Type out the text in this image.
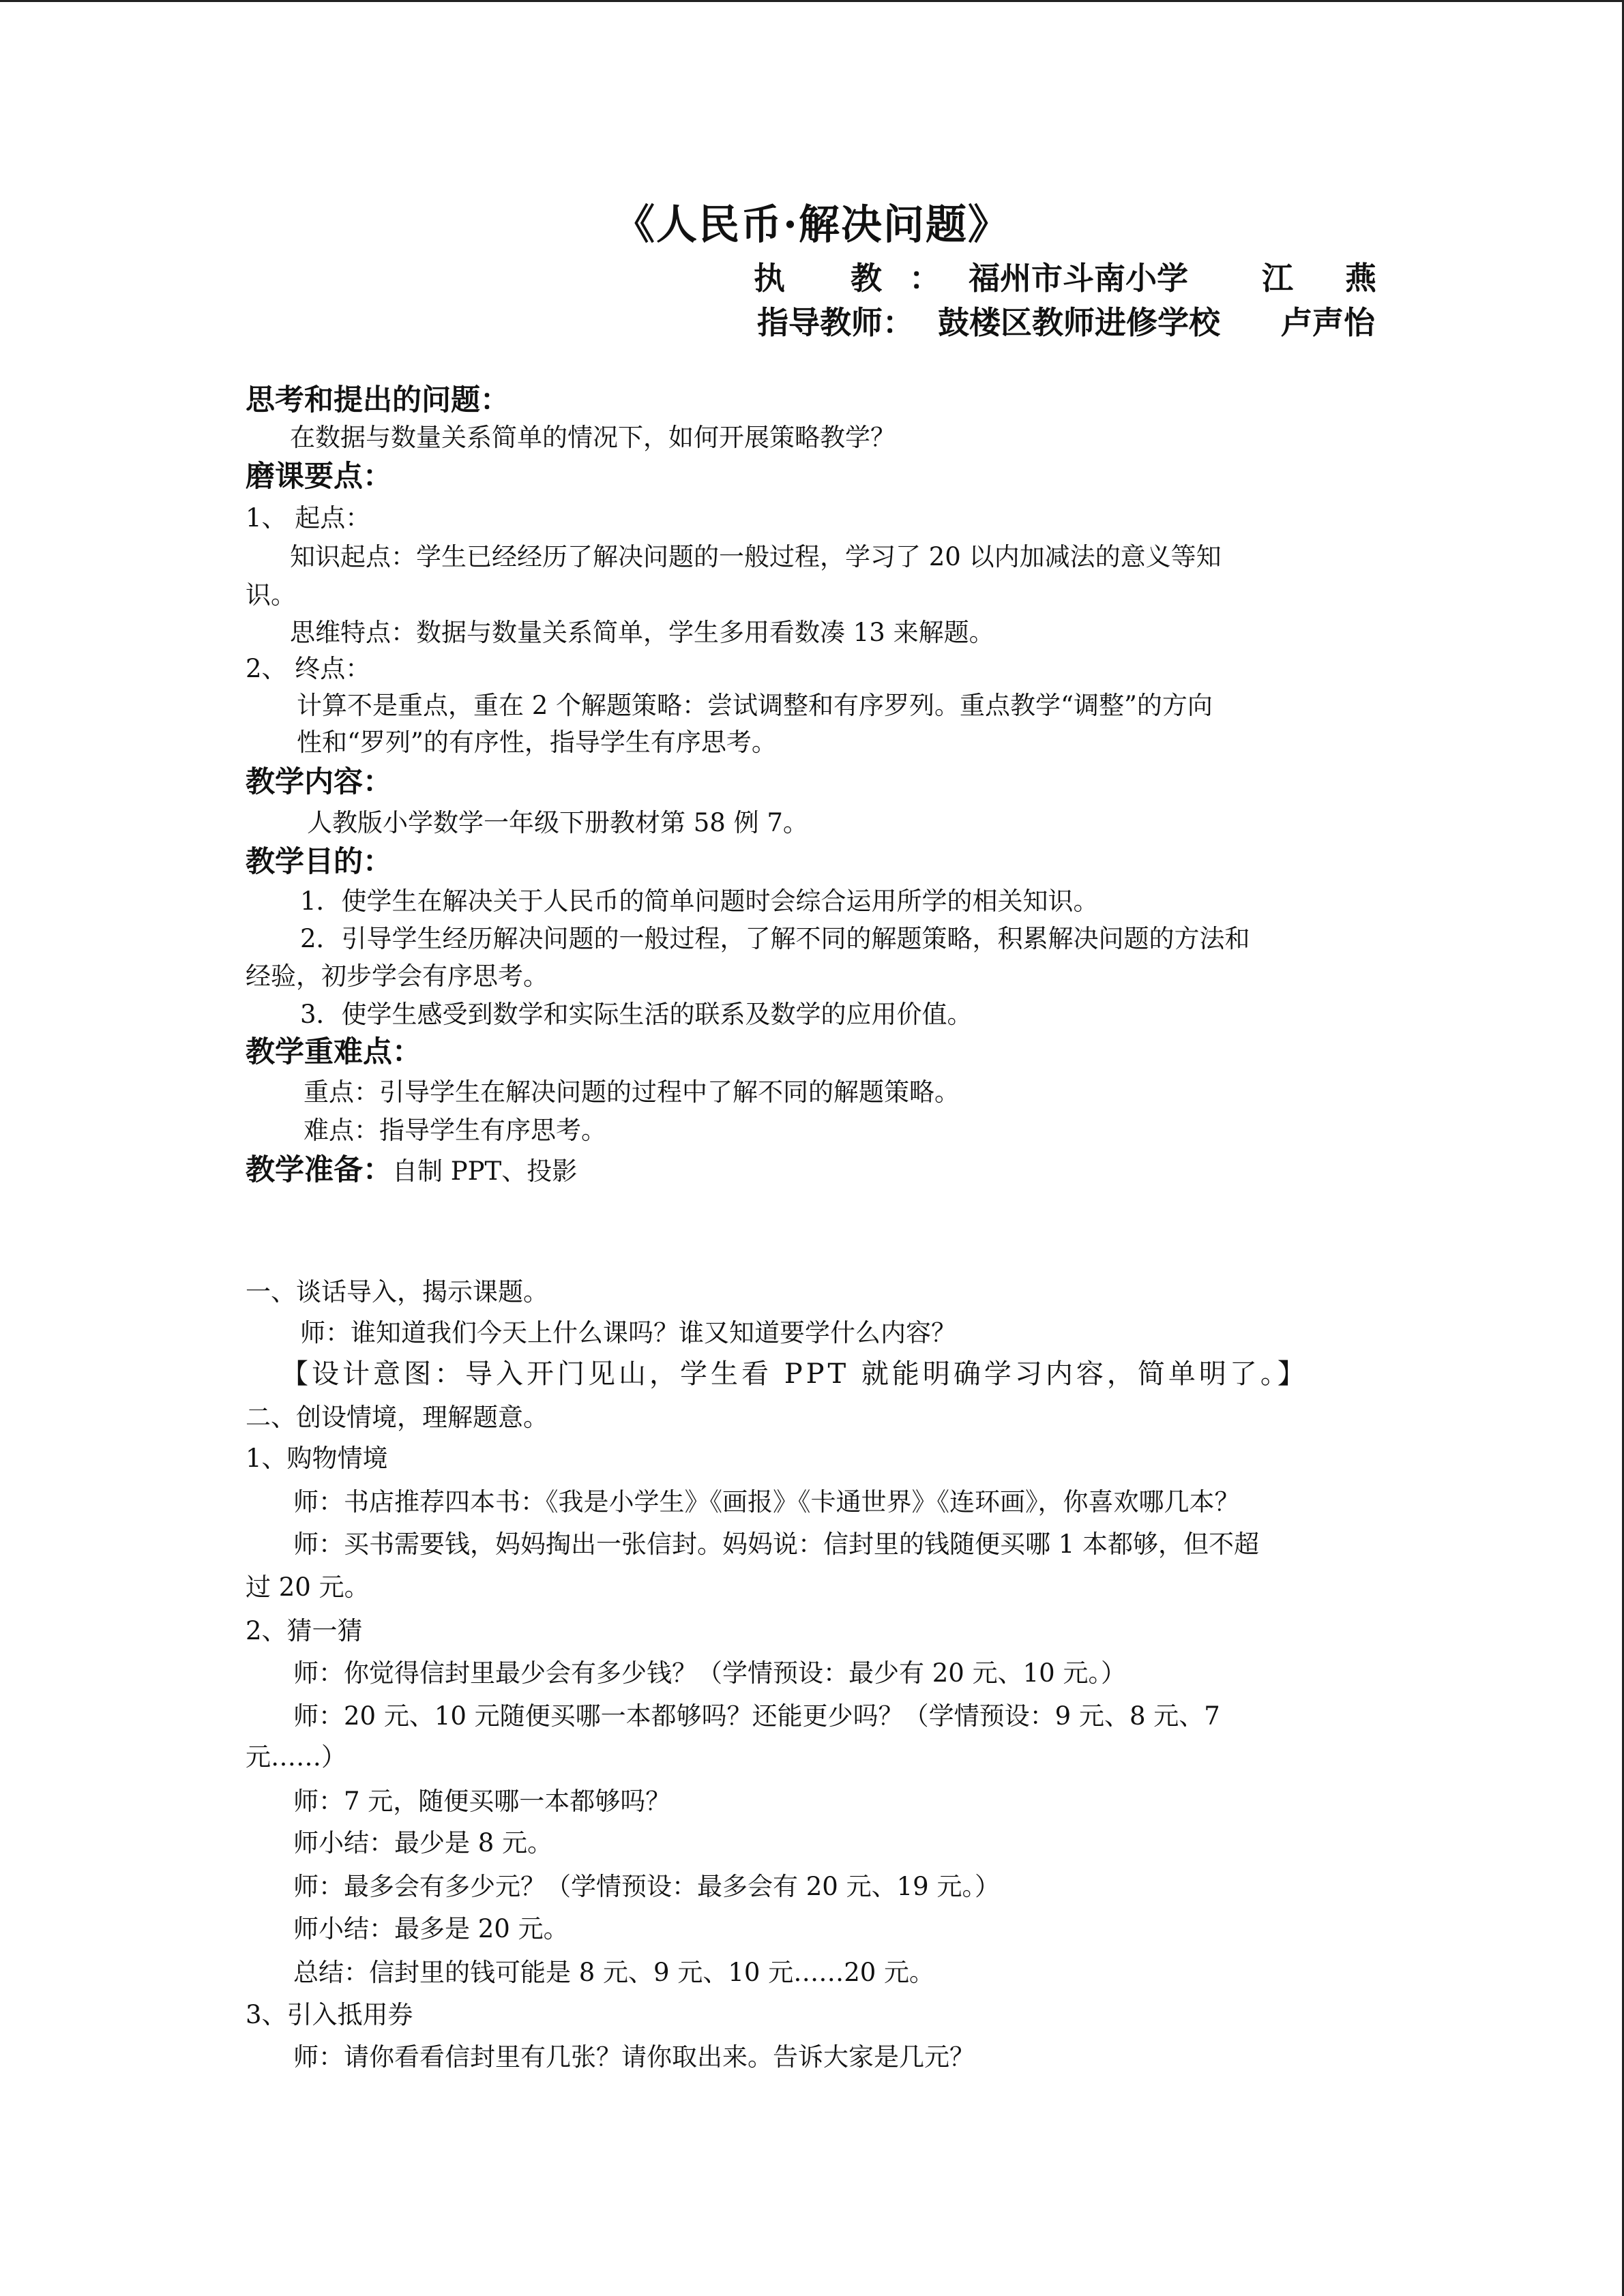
《人民币·解决问题》
执 教： 福州市斗南小学 江 燕
指导教师： 鼓楼区教师进修学校 卢声怡
思考和提出的问题：
在数据与数量关系简单的情况下，如何开展策略教学？
磨课要点：
1、 起点：
知识起点：学生已经经历了解决问题的一般过程，学习了 20 以内加减法的意义等知
识。
思维特点：数据与数量关系简单，学生多用看数凑 13 来解题。
2、 终点：
计算不是重点，重在 2 个解题策略：尝试调整和有序罗列。重点教学“调整”的方向
性和“罗列”的有序性，指导学生有序思考。
教学内容：
人教版小学数学一年级下册教材第 58 例 7。
教学目的：
1．使学生在解决关于人民币的简单问题时会综合运用所学的相关知识。
2．引导学生经历解决问题的一般过程，了解不同的解题策略，积累解决问题的方法和
经验，初步学会有序思考。
3．使学生感受到数学和实际生活的联系及数学的应用价值。
教学重难点：
重点：引导学生在解决问题的过程中了解不同的解题策略。
难点：指导学生有序思考。
教学准备：自制 PPT、投影
一、谈话导入，揭示课题。
师：谁知道我们今天上什么课吗？谁又知道要学什么内容？
【设计意图：导入开门见山，学生看 PPT 就能明确学习内容，简单明了。】
二、创设情境，理解题意。
1、购物情境
师：书店推荐四本书：《我是小学生》《画报》《卡通世界》《连环画》，你喜欢哪几本？
师：买书需要钱，妈妈掏出一张信封。妈妈说：信封里的钱随便买哪 1 本都够，但不超
过 20 元。
2、猜一猜
师：你觉得信封里最少会有多少钱？（学情预设：最少有 20 元、10 元。）
师：20 元、10 元随便买哪一本都够吗？还能更少吗？（学情预设：9 元、8 元、7
元……）
师：7 元，随便买哪一本都够吗？
师小结：最少是 8 元。
师：最多会有多少元？（学情预设：最多会有 20 元、19 元。）
师小结：最多是 20 元。
总结：信封里的钱可能是 8 元、9 元、10 元……20 元。
3、引入抵用券
师：请你看看信封里有几张？请你取出来。告诉大家是几元？
